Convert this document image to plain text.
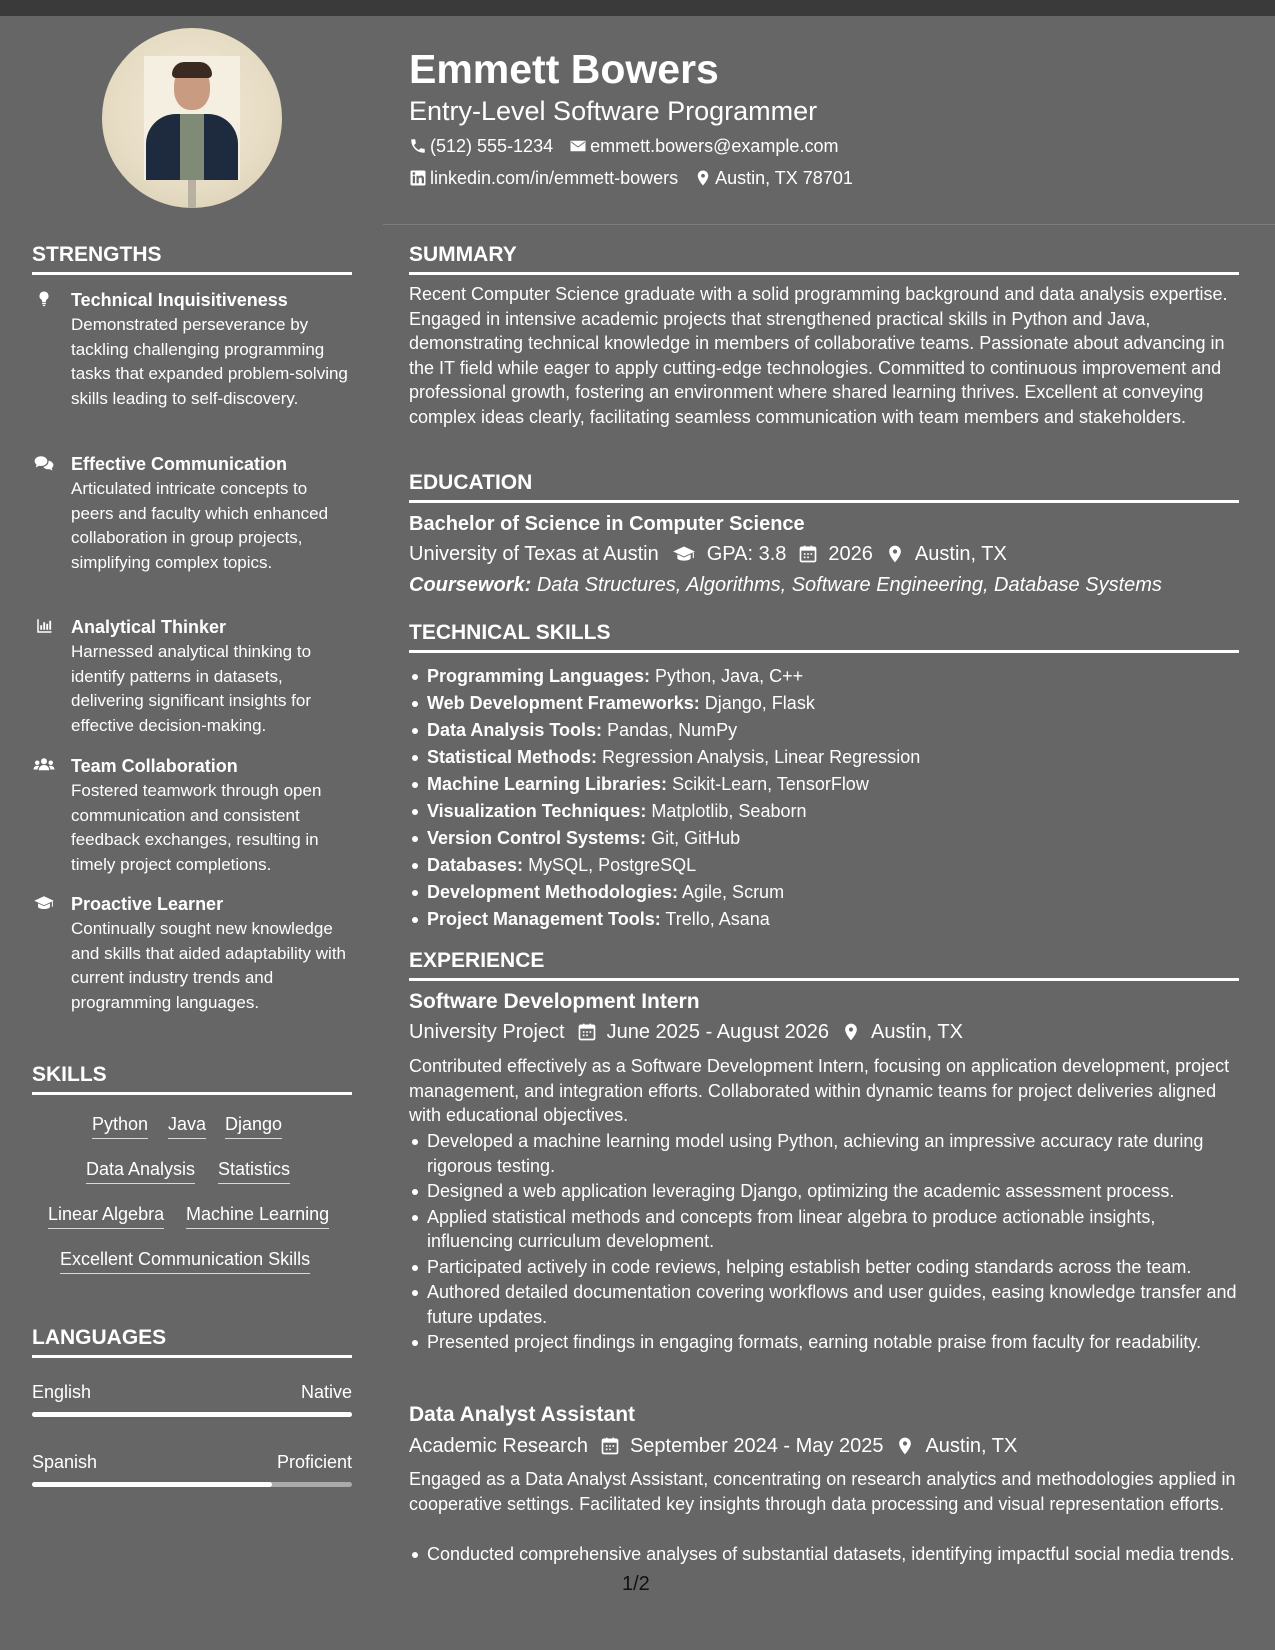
Emmett Bowers
Entry-Level Software Programmer
(512) 555-1234 emmett.bowers@example.com
linkedin.com/in/emmett-bowers Austin, TX 78701
STRENGTHS
Technical Inquisitiveness
Demonstrated perseverance by tackling challenging programming tasks that expanded problem-solving skills leading to self-discovery.
Effective Communication
Articulated intricate concepts to peers and faculty which enhanced collaboration in group projects, simplifying complex topics.
Analytical Thinker
Harnessed analytical thinking to identify patterns in datasets, delivering significant insights for effective decision-making.
Team Collaboration
Fostered teamwork through open communication and consistent feedback exchanges, resulting in timely project completions.
Proactive Learner
Continually sought new knowledge and skills that aided adaptability with current industry trends and programming languages.
SKILLS
Python Java Django
Data Analysis Statistics
Linear Algebra Machine Learning
Excellent Communication Skills
LANGUAGES
English	Native
Spanish	Proficient
SUMMARY
Recent Computer Science graduate with a solid programming background and data analysis expertise. Engaged in intensive academic projects that strengthened practical skills in Python and Java, demonstrating technical knowledge in members of collaborative teams. Passionate about advancing in the IT field while eager to apply cutting-edge technologies. Committed to continuous improvement and professional growth, fostering an environment where shared learning thrives. Excellent at conveying complex ideas clearly, facilitating seamless communication with team members and stakeholders.
EDUCATION
Bachelor of Science in Computer Science
University of Texas at Austin GPA: 3.8 2026 Austin, TX
Coursework: Data Structures, Algorithms, Software Engineering, Database Systems
TECHNICAL SKILLS
Programming Languages: Python, Java, C++
Web Development Frameworks: Django, Flask
Data Analysis Tools: Pandas, NumPy
Statistical Methods: Regression Analysis, Linear Regression
Machine Learning Libraries: Scikit-Learn, TensorFlow
Visualization Techniques: Matplotlib, Seaborn
Version Control Systems: Git, GitHub
Databases: MySQL, PostgreSQL
Development Methodologies: Agile, Scrum
Project Management Tools: Trello, Asana
EXPERIENCE
Software Development Intern
University Project June 2025 - August 2026 Austin, TX
Contributed effectively as a Software Development Intern, focusing on application development, project management, and integration efforts. Collaborated within dynamic teams for project deliveries aligned with educational objectives.
Developed a machine learning model using Python, achieving an impressive accuracy rate during rigorous testing.
Designed a web application leveraging Django, optimizing the academic assessment process.
Applied statistical methods and concepts from linear algebra to produce actionable insights, influencing curriculum development.
Participated actively in code reviews, helping establish better coding standards across the team.
Authored detailed documentation covering workflows and user guides, easing knowledge transfer and future updates.
Presented project findings in engaging formats, earning notable praise from faculty for readability.
Data Analyst Assistant
Academic Research September 2024 - May 2025 Austin, TX
Engaged as a Data Analyst Assistant, concentrating on research analytics and methodologies applied in cooperative settings. Facilitated key insights through data processing and visual representation efforts.
Conducted comprehensive analyses of substantial datasets, identifying impactful social media trends.
1/2
